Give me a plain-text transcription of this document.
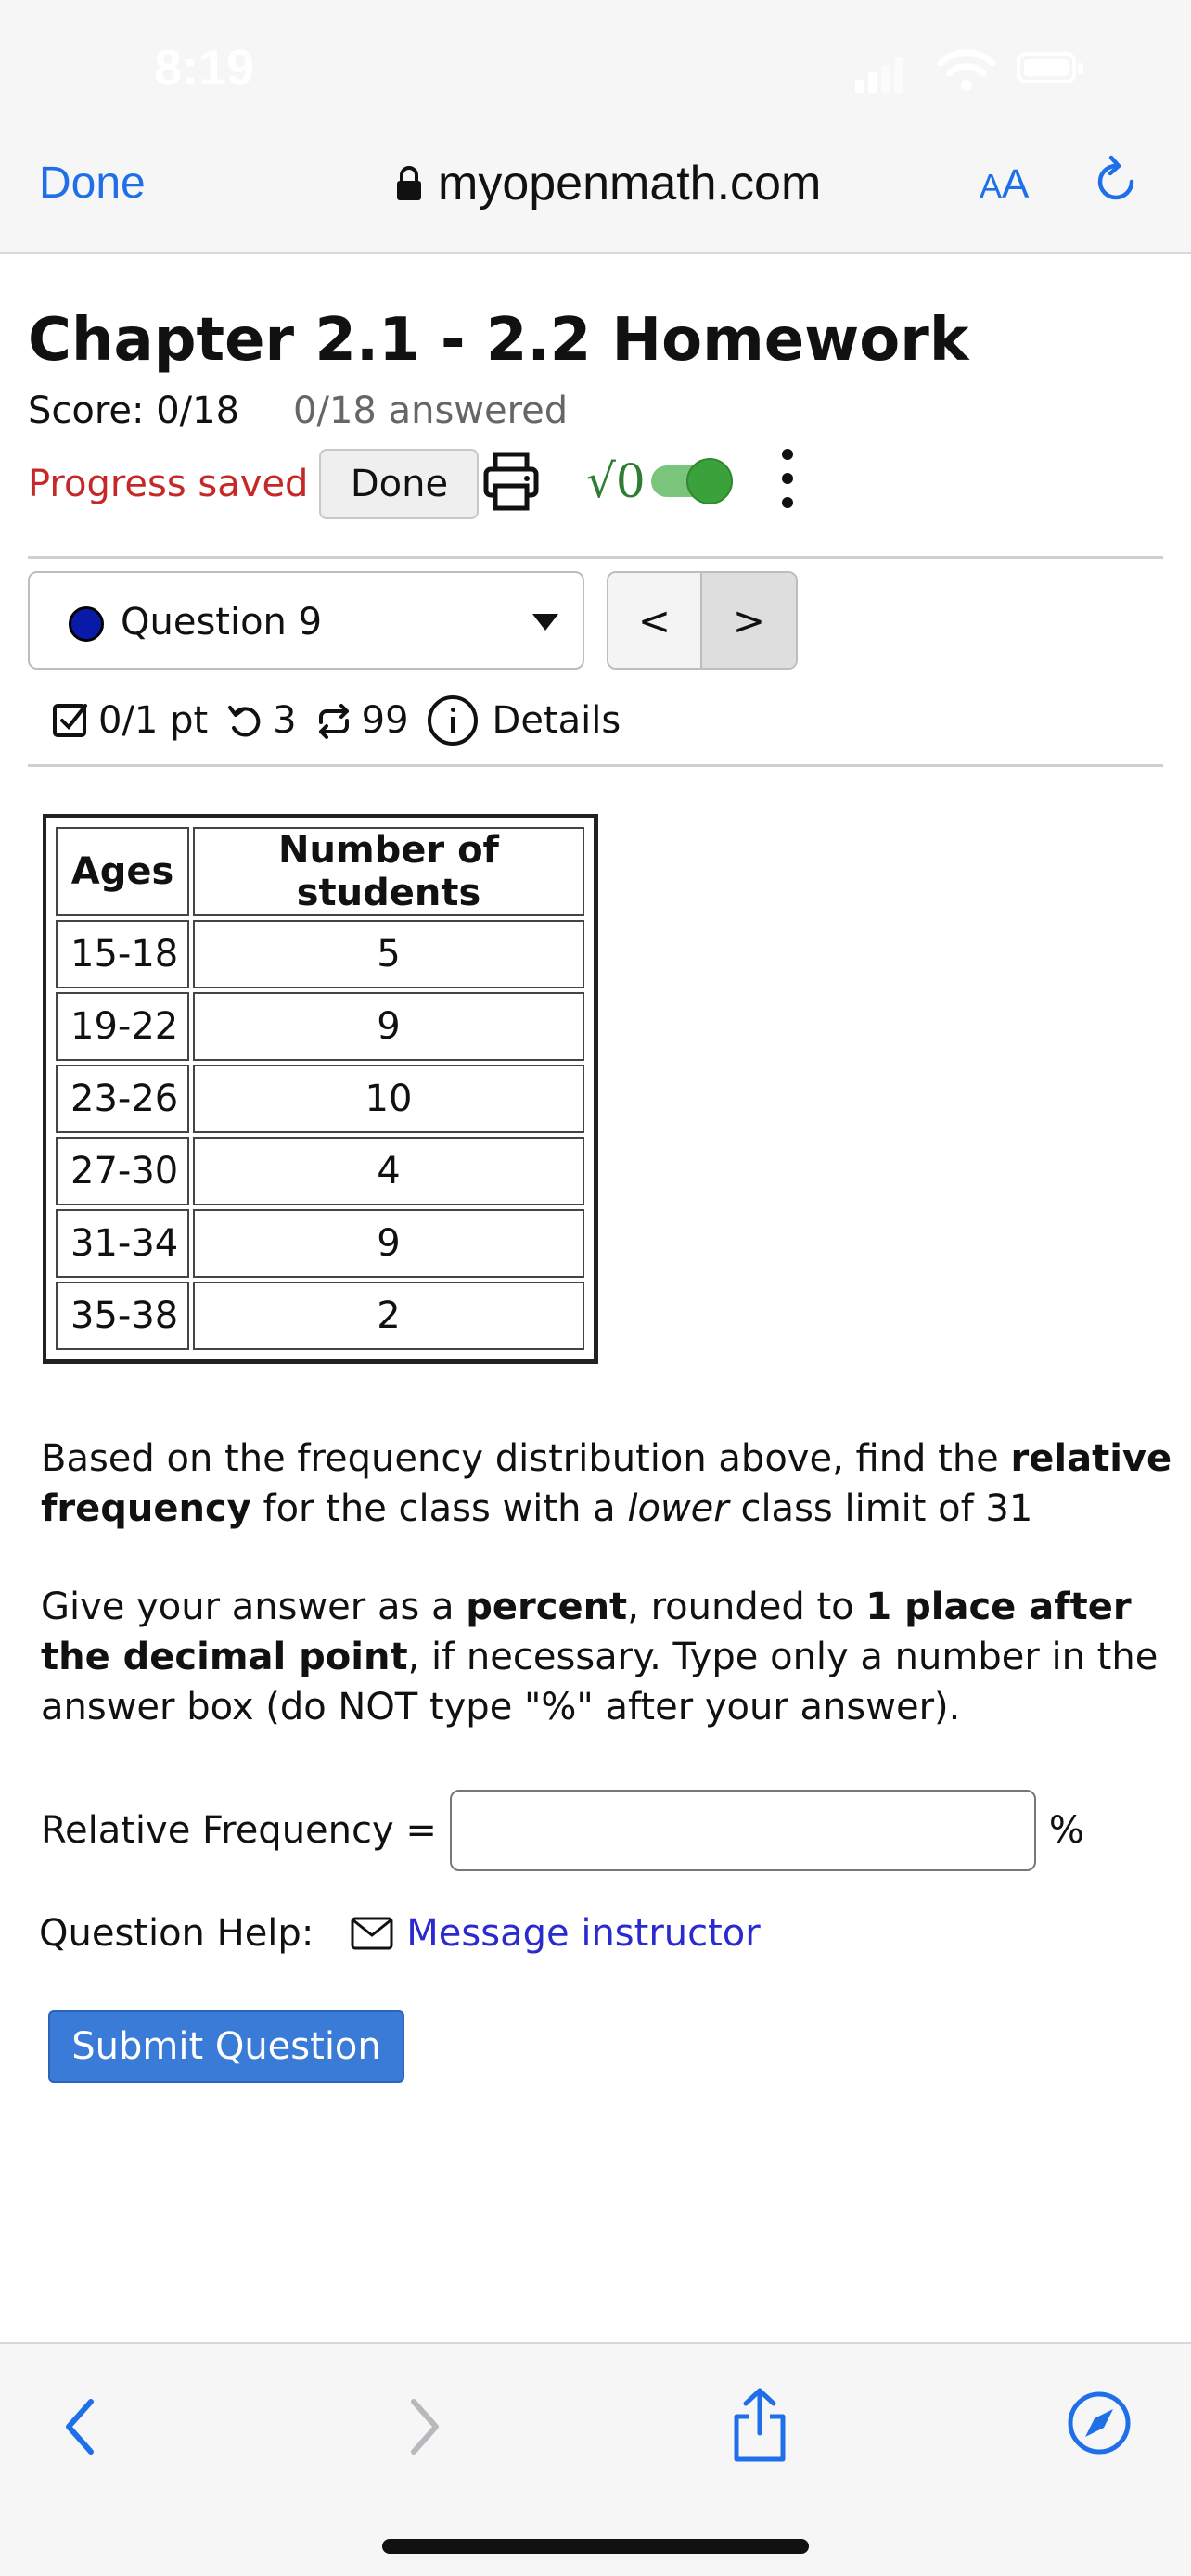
8:19
Done	myopenmath.com	AA
Chapter 2.1 - 2.2 Homework
Score: 0/18 0/18 answered
Progress saved	Done	√0
Question 9	<	>
0/1 pt 3 99 Details
Ages	Number of students
15-18	5
19-22	9
23-26	10
27-30	4
31-34	9
35-38	2
Based on the frequency distribution above, find the relative frequency for the class with a lower class limit of 31
Give your answer as a percent, rounded to 1 place after the decimal point, if necessary. Type only a number in the answer box (do NOT type "%" after your answer).
Relative Frequency =	%
Question Help:	Message instructor
Submit Question
